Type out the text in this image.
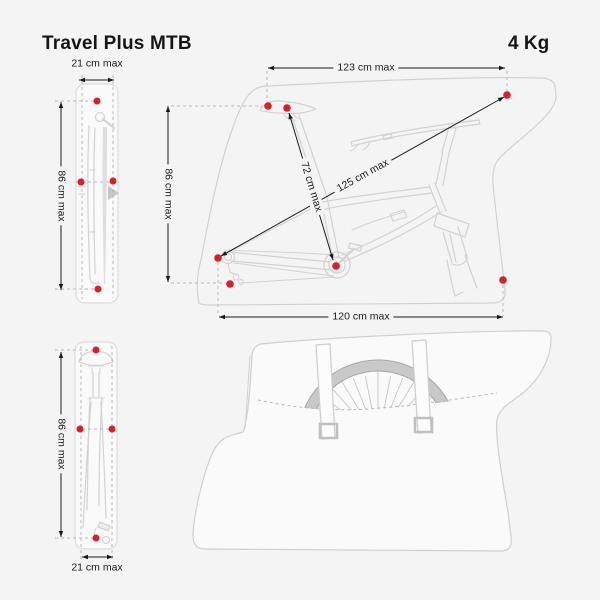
Travel Plus MTB	4 Kg
21 cm max
86 cm max
123 cm max
86 cm max	72 cm max 125 cm max
120 cm max
86 cm max
21 cm max
